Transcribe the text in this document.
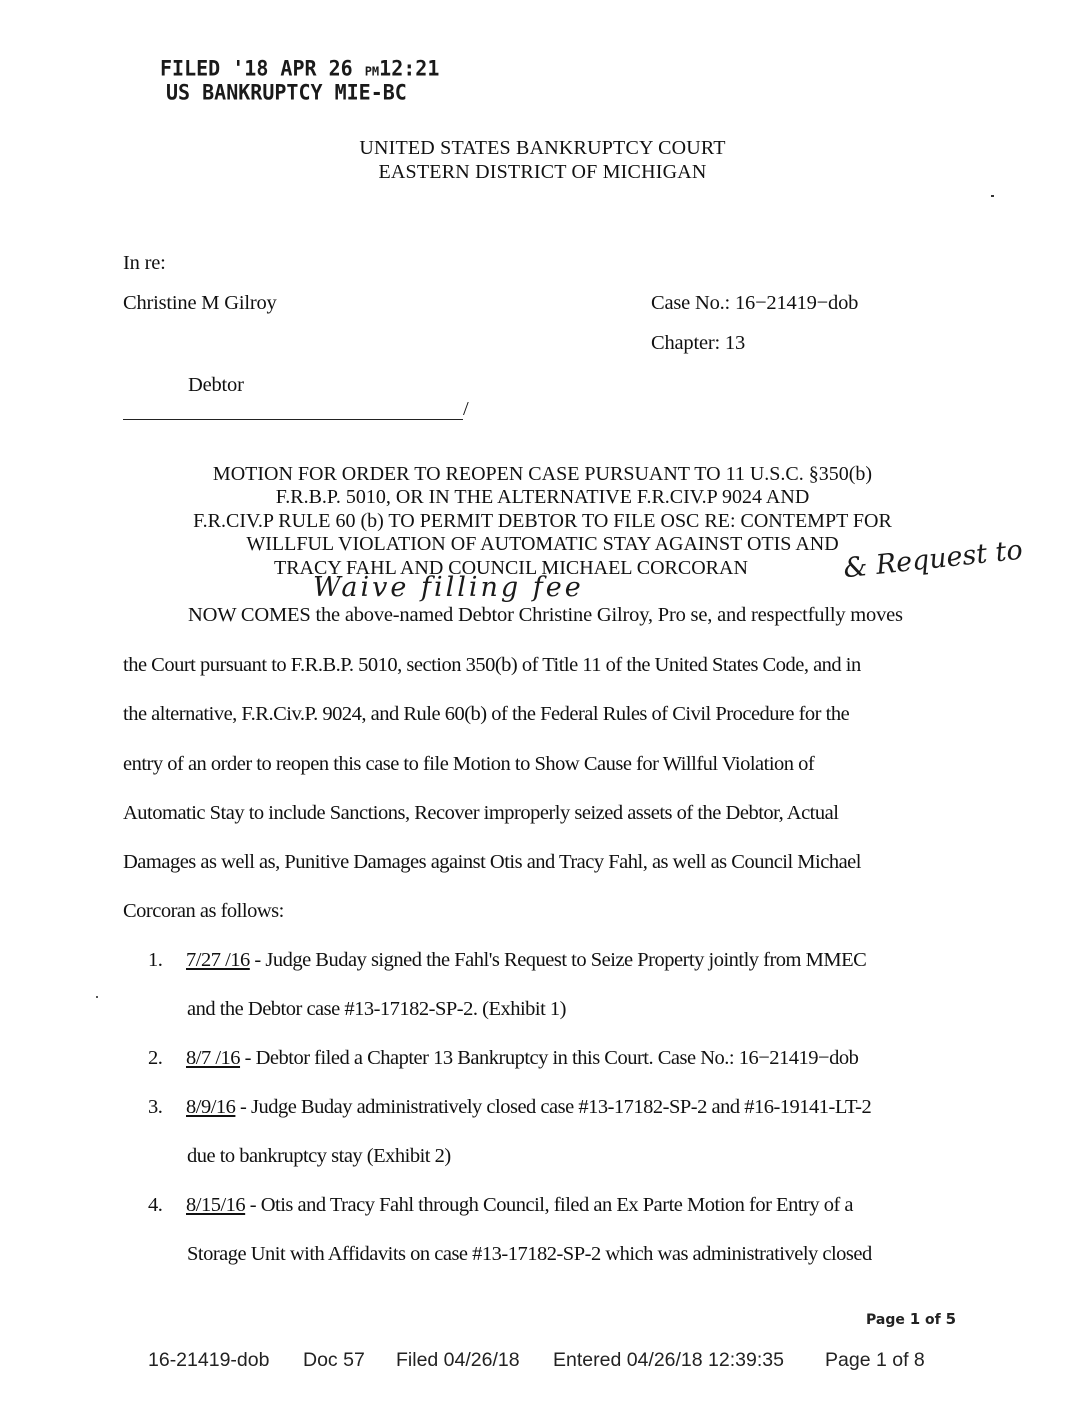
FILED '18 APR 26 PM12:21
US BANKRUPTCY MIE-BC
UNITED STATES BANKRUPTCY COURT
EASTERN DISTRICT OF MICHIGAN
In re:
Christine M Gilroy	Case No.: 16−21419−dob
Chapter: 13
Debtor
/
MOTION FOR ORDER TO REOPEN CASE PURSUANT TO 11 U.S.C. §350(b)
F.R.B.P. 5010, OR IN THE ALTERNATIVE F.R.CIV.P 9024 AND
F.R.CIV.P RULE 60 (b) TO PERMIT DEBTOR TO FILE OSC RE: CONTEMPT FOR
WILLFUL VIOLATION OF AUTOMATIC STAY AGAINST OTIS AND
TRACY FAHL AND COUNCIL MICHAEL CORCORAN	& Request to
Waive filling fee
NOW COMES the above-named Debtor Christine Gilroy, Pro se, and respectfully moves
the Court pursuant to F.R.B.P. 5010, section 350(b) of Title 11 of the United States Code, and in
the alternative, F.R.Civ.P. 9024, and Rule 60(b) of the Federal Rules of Civil Procedure for the
entry of an order to reopen this case to file Motion to Show Cause for Willful Violation of
Automatic Stay to include Sanctions, Recover improperly seized assets of the Debtor, Actual
Damages as well as, Punitive Damages against Otis and Tracy Fahl, as well as Council Michael
Corcoran as follows:
1. 7/27 /16 - Judge Buday signed the Fahl's Request to Seize Property jointly from MMEC
and the Debtor case #13-17182-SP-2. (Exhibit 1)
2. 8/7 /16 - Debtor filed a Chapter 13 Bankruptcy in this Court. Case No.: 16−21419−dob
3. 8/9/16 - Judge Buday administratively closed case #13-17182-SP-2 and #16-19141-LT-2
due to bankruptcy stay (Exhibit 2)
4. 8/15/16 - Otis and Tracy Fahl through Council, filed an Ex Parte Motion for Entry of a
Storage Unit with Affidavits on case #13-17182-SP-2 which was administratively closed
Page 1 of 5
16-21419-dob Doc 57 Filed 04/26/18 Entered 04/26/18 12:39:35 Page 1 of 8
